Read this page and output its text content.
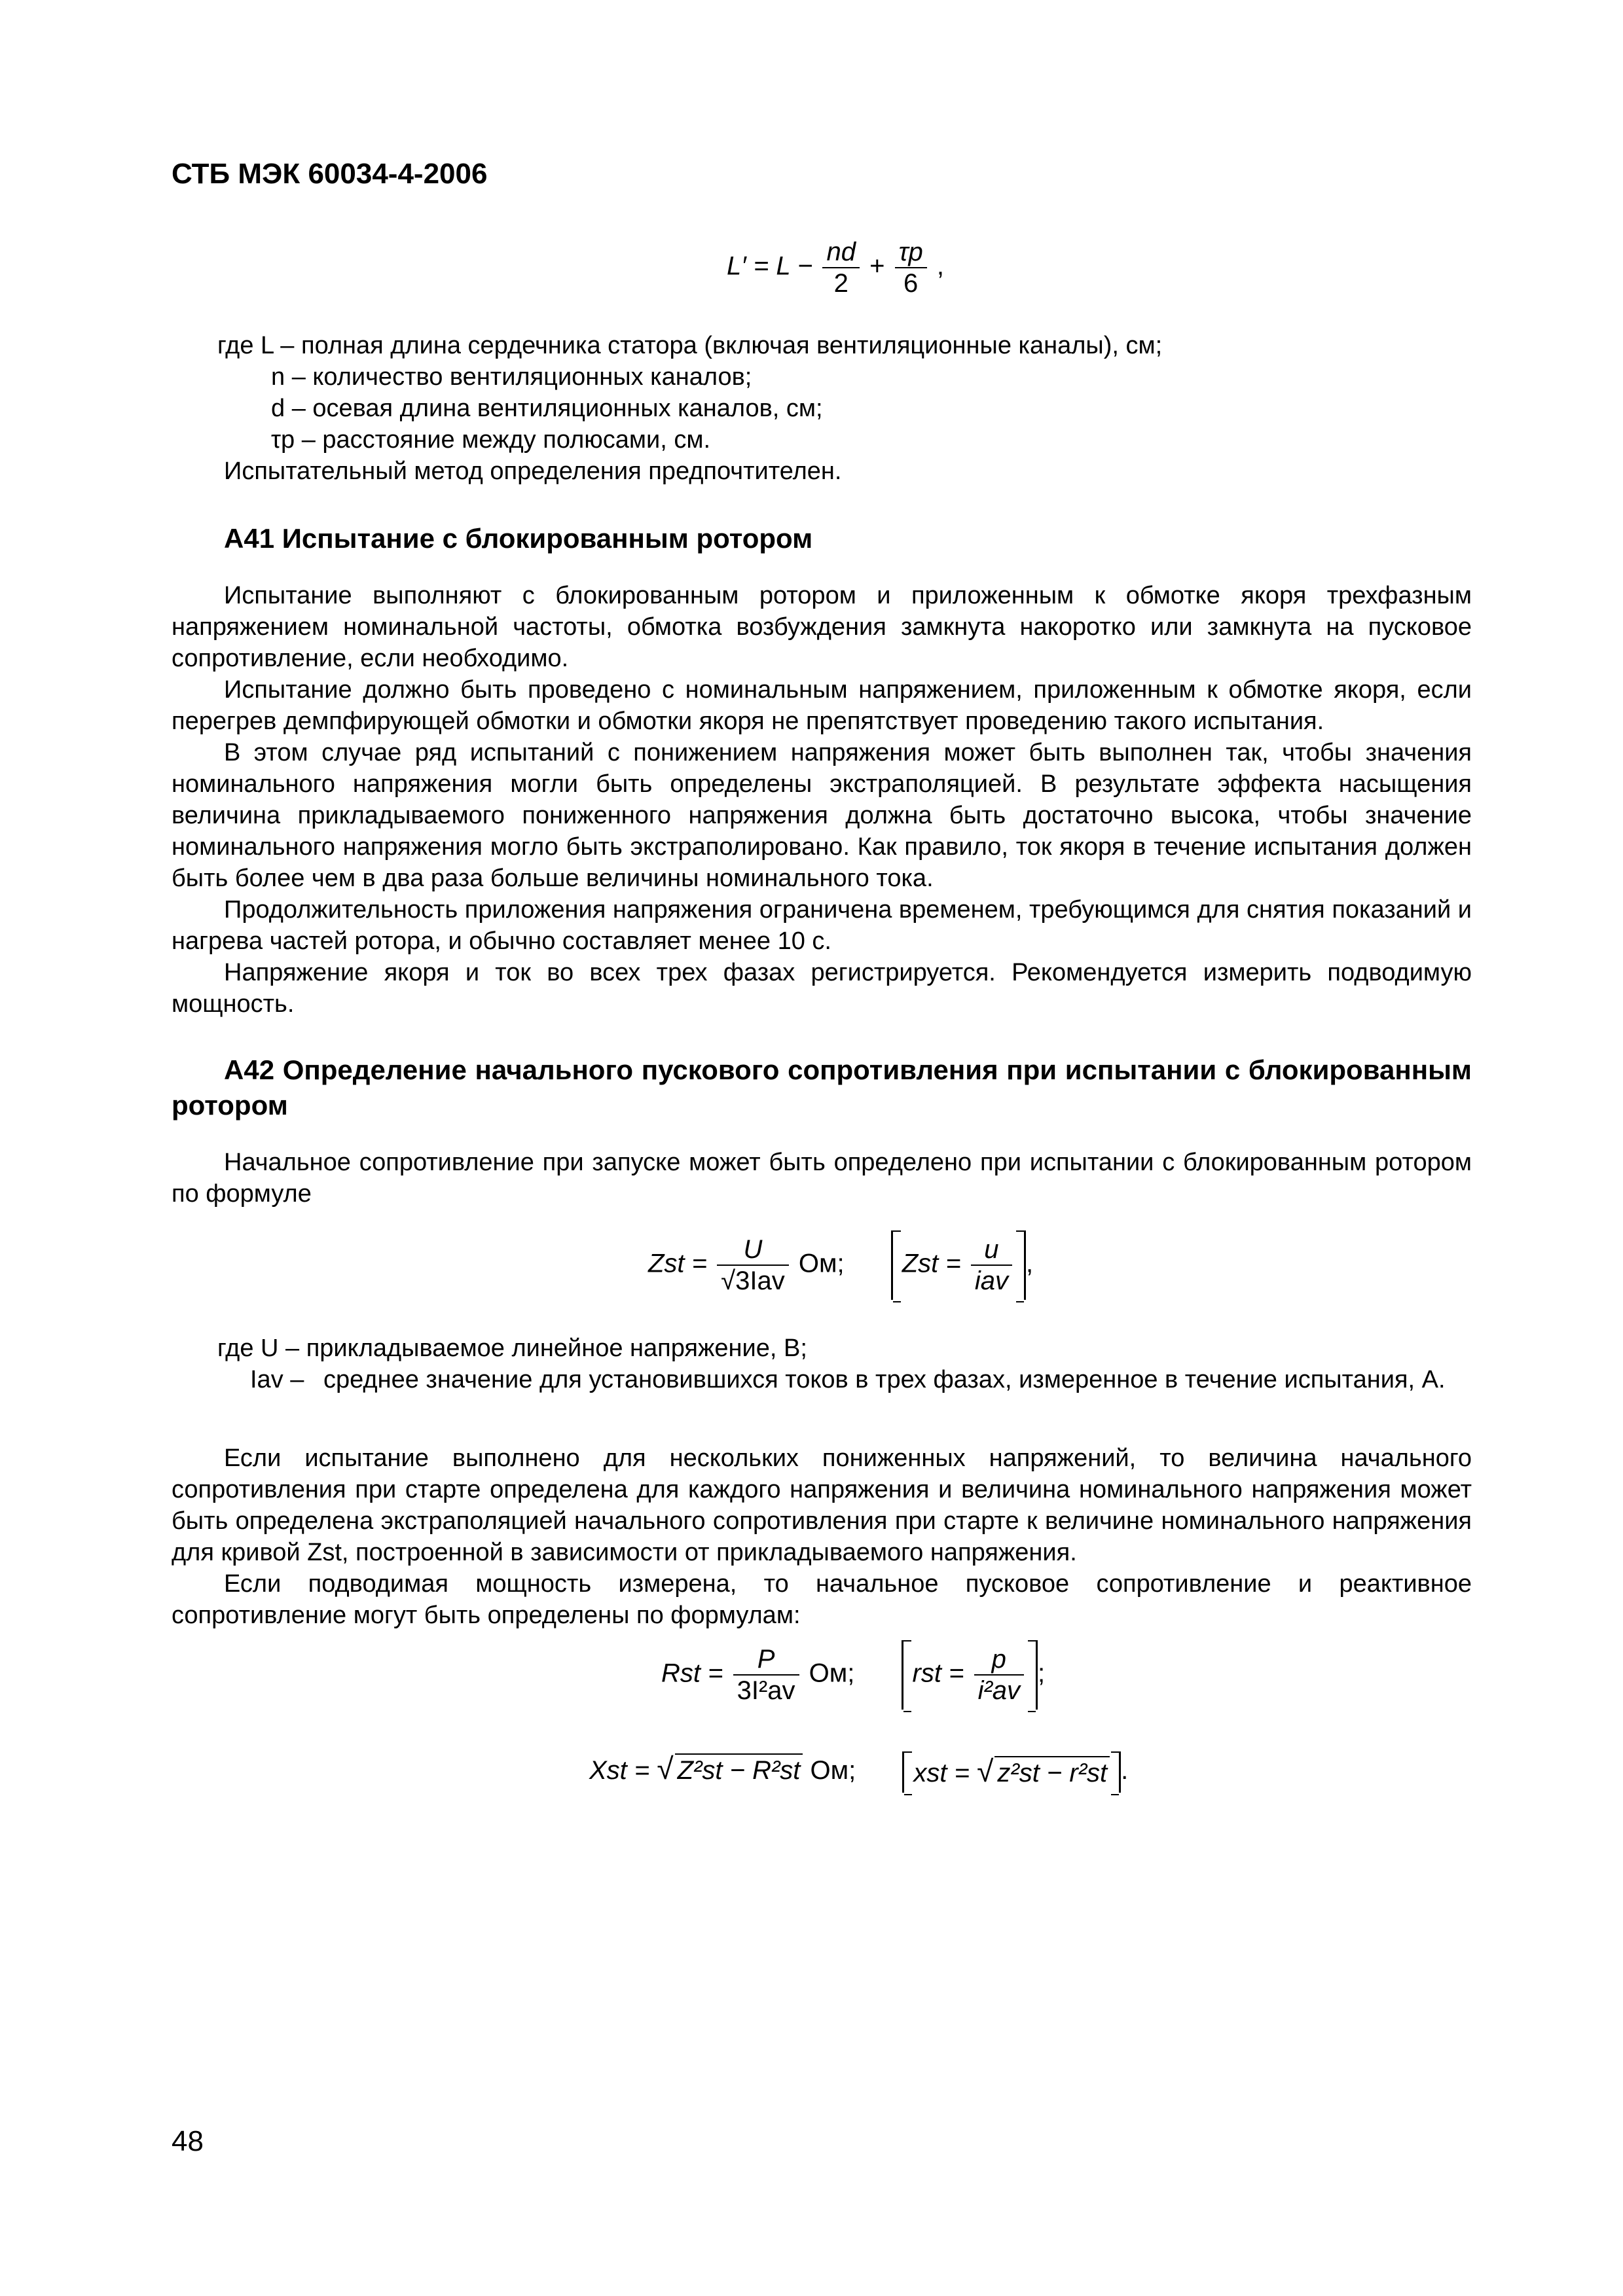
СТБ МЭК 60034-4-2006
$L' = L - \frac{nd}{2} + \frac{\tau p}{6}$ ,

где L – полная длина сердечника статора (включая вентиляционные каналы), см;

n – количество вентиляционных каналов;

d – осевая длина вентиляционных каналов, см;

τp – расстояние между полюсами, см.

Испытательный метод определения предпочтителен.

А41 Испытание с блокированным ротором

Испытание выполняют с блокированным ротором и приложенным к обмотке якоря трехфазным напряжением номинальной частоты, обмотка возбуждения замкнута накоротко или замкнута на пусковое сопротивление, если необходимо.

Испытание должно быть проведено с номинальным напряжением, приложенным к обмотке якоря, если перегрев демпфирующей обмотки и обмотки якоря не препятствует проведению такого испытания.

В этом случае ряд испытаний с понижением напряжения может быть выполнен так, чтобы значения номинального напряжения могли быть определены экстраполяцией. В результате эффекта насыщения величина прикладываемого пониженного напряжения должна быть достаточно высока, чтобы значение номинального напряжения могло быть экстраполировано. Как правило, ток якоря в течение испытания должен быть более чем в два раза больше величины номинального тока.

Продолжительность приложения напряжения ограничена временем, требующимся для снятия показаний и нагрева частей ротора, и обычно составляет менее 10 с.

Напряжение якоря и ток во всех трех фазах регистрируется. Рекомендуется измерить подводимую мощность.

А42 Определение начального пускового сопротивления при испытании с блокированным ротором

Начальное сопротивление при запуске может быть определено при испытании с блокированным ротором по формуле

Zst = $\frac{U}{\text{√3Iav}}$ Ом; Zst = $\frac{u}{\text{iav}}$ ,

где U – прикладываемое линейное напряжение, В;

Iav – среднее значение для установившихся токов в трех фазах, измеренное в течение испытания, А.

Если испытание выполнено для нескольких пониженных напряжений, то величина начального сопротивления при старте определена для каждого напряжения и величина номинального напряжения может быть определена экстраполяцией начального сопротивления при старте к величине номинального напряжения для кривой Zst, построенной в зависимости от прикладываемого напряжения.

Если подводимая мощность измерена, то начальное пусковое сопротивление и реактивное сопротивление могут быть определены по формулам:

Rst = $\frac{P}{\text{3I²av}}$ Ом; rst = $\frac{p}{\text{i²av}}$ ;
Xst = √ Z²st − R²st Ом; xst = √ z²st − r²st .
48
